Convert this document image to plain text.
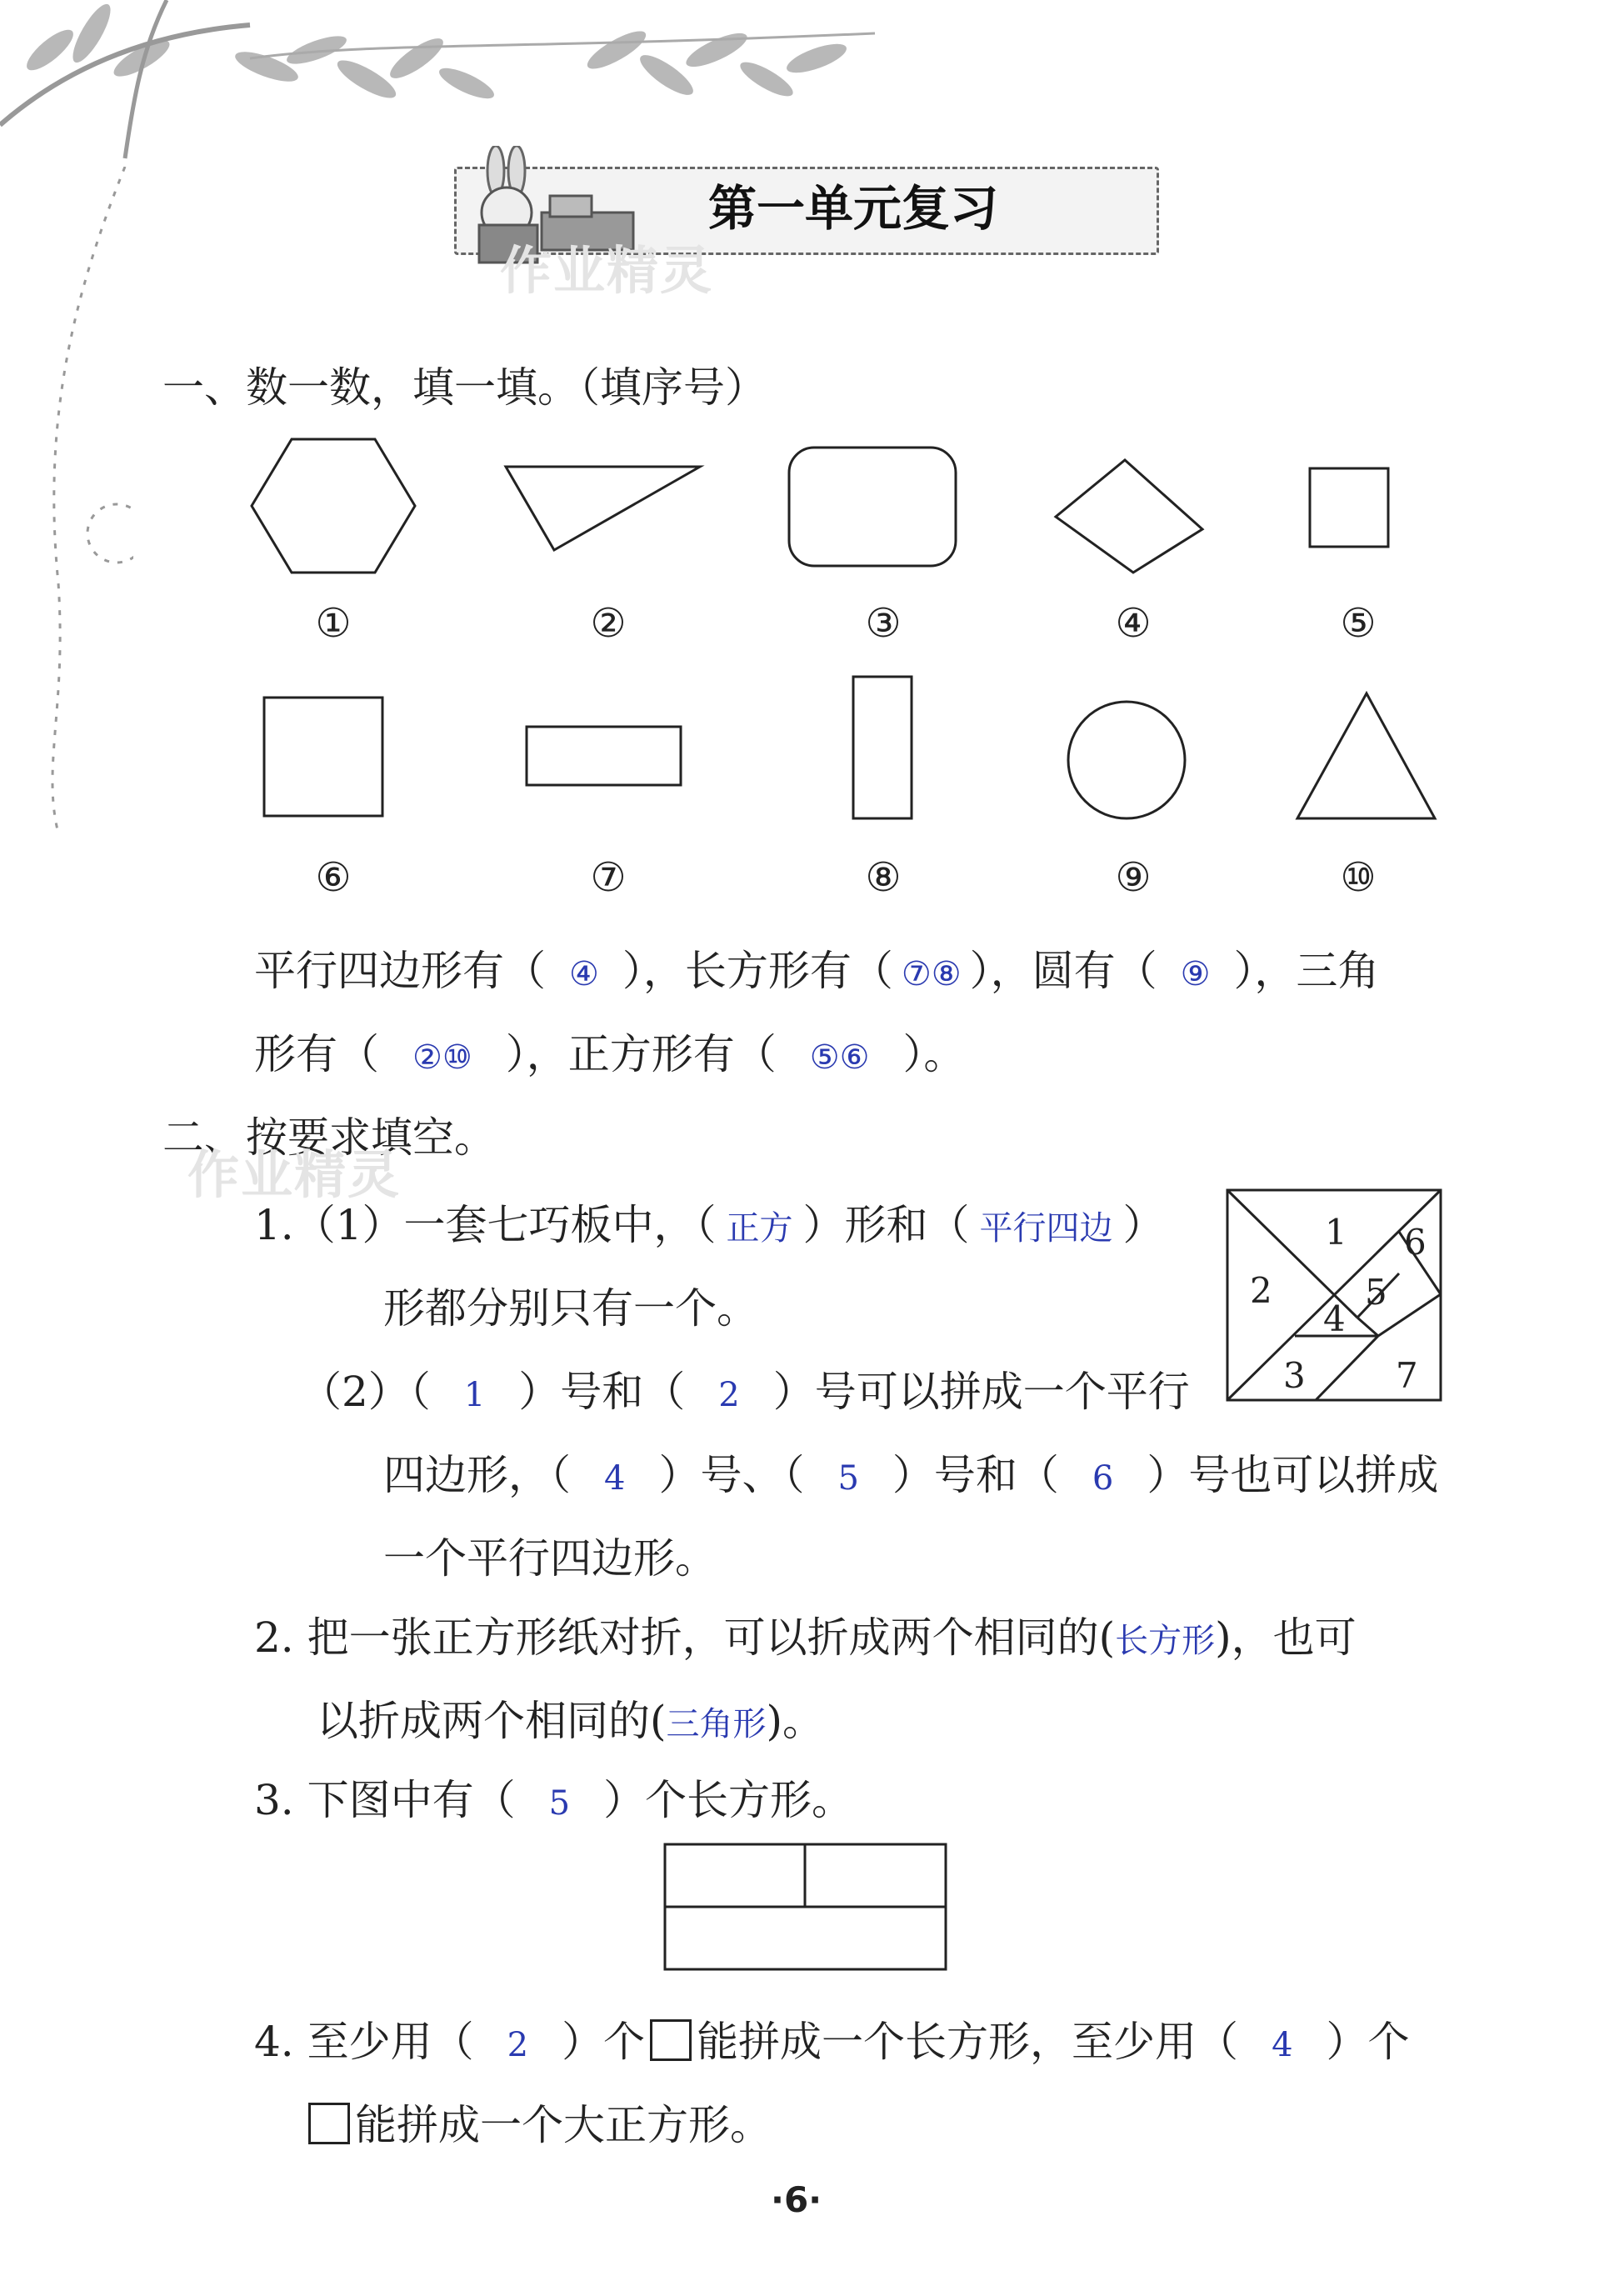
第一单元复习
作业精灵
一、数一数，填一填。（填序号）
①	②	③	④	⑤
⑥	⑦	⑧	⑨	⑩
平行四边形有（ ④ ），长方形有（ ⑦⑧ ），圆有（ ⑨ ），三角
形有（ ②⑩ ），正方形有（ ⑤⑥ ）。
二、按要求填空。
作业精灵
1.（1）一套七巧板中，（ 正方 ）形和（ 平行四边 ）
形都分别只有一个。
（2）（ 1 ）号和（ 2 ）号可以拼成一个平行
四边形，（ 4 ）号、（ 5 ）号和（ 6 ）号也可以拼成
一个平行四边形。
1
2
3
4
5
6
7
2. 把一张正方形纸对折，可以折成两个相同的(长方形)，也可
以折成两个相同的(三角形)。
3. 下图中有（ 5 ）个长方形。
4. 至少用（ 2 ）个 能拼成一个长方形，至少用（ 4 ）个
能拼成一个大正方形。
·6·
